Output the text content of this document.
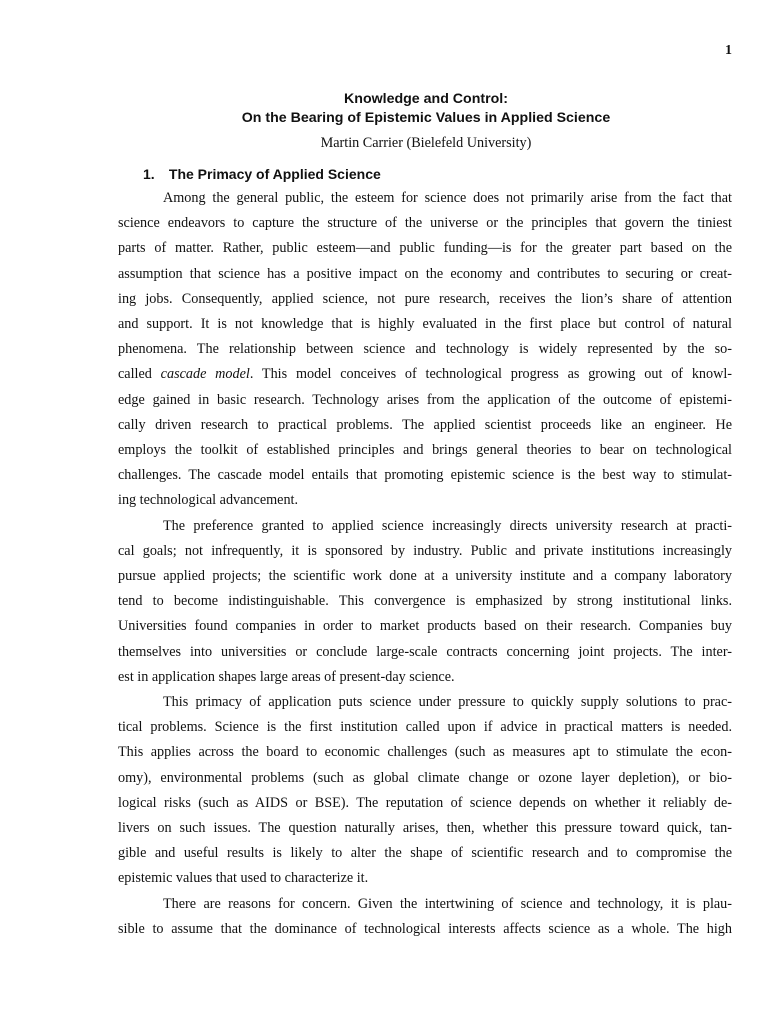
1

Knowledge and Control:

On the Bearing of Epistemic Values in Applied Science

Martin Carrier (Bielefeld University)
1. The Primacy of Applied Science
Among the general public, the esteem for science does not primarily arise from the fact that
science endeavors to capture the structure of the universe or the principles that govern the tiniest
parts of matter. Rather, public esteem—and public funding—is for the greater part based on the
assumption that science has a positive impact on the economy and contributes to securing or creat-
ing jobs. Consequently, applied science, not pure research, receives the lion’s share of attention
and support. It is not knowledge that is highly evaluated in the first place but control of natural
phenomena. The relationship between science and technology is widely represented by the so-
called cascade model. This model conceives of technological progress as growing out of knowl-
edge gained in basic research. Technology arises from the application of the outcome of epistemi-
cally driven research to practical problems. The applied scientist proceeds like an engineer. He
employs the toolkit of established principles and brings general theories to bear on technological
challenges. The cascade model entails that promoting epistemic science is the best way to stimulat-
ing technological advancement.
The preference granted to applied science increasingly directs university research at practi-
cal goals; not infrequently, it is sponsored by industry. Public and private institutions increasingly
pursue applied projects; the scientific work done at a university institute and a company laboratory
tend to become indistinguishable. This convergence is emphasized by strong institutional links.
Universities found companies in order to market products based on their research. Companies buy
themselves into universities or conclude large-scale contracts concerning joint projects. The inter-
est in application shapes large areas of present-day science.
This primacy of application puts science under pressure to quickly supply solutions to prac-
tical problems. Science is the first institution called upon if advice in practical matters is needed.
This applies across the board to economic challenges (such as measures apt to stimulate the econ-
omy), environmental problems (such as global climate change or ozone layer depletion), or bio-
logical risks (such as AIDS or BSE). The reputation of science depends on whether it reliably de-
livers on such issues. The question naturally arises, then, whether this pressure toward quick, tan-
gible and useful results is likely to alter the shape of scientific research and to compromise the
epistemic values that used to characterize it.
There are reasons for concern. Given the intertwining of science and technology, it is plau-
sible to assume that the dominance of technological interests affects science as a whole. The high
